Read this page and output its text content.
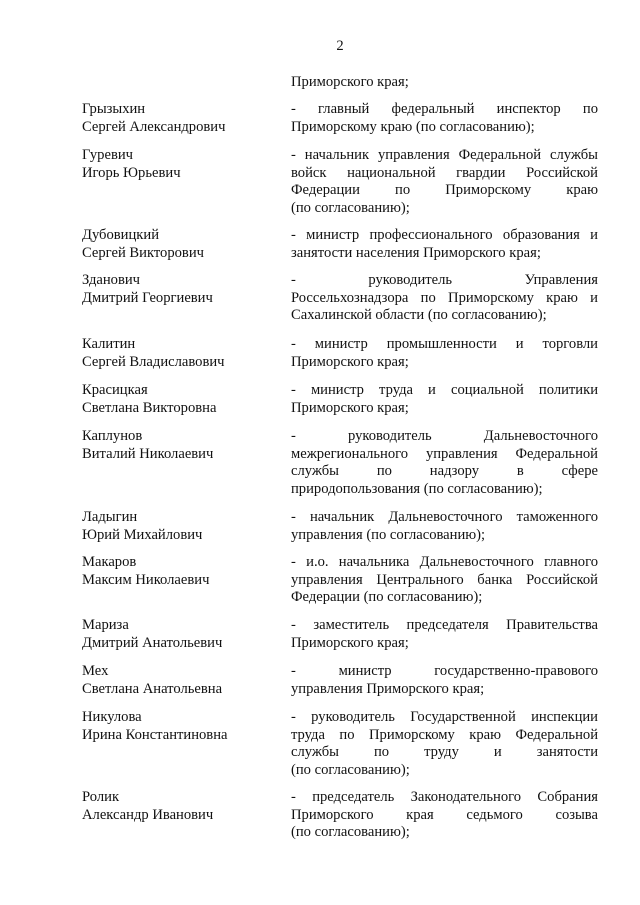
2
Приморского края;
Грызыхин
Сергей Александрович
- главный федеральный инспектор по
Приморскому краю (по согласованию);
Гуревич
Игорь Юрьевич
- начальник управления Федеральной службы
войск национальной гвардии Российской
Федерации по Приморскому краю
(по согласованию);
Дубовицкий
Сергей Викторович
- министр профессионального образования и
занятости населения Приморского края;
Зданович
Дмитрий Георгиевич
- руководитель Управления
Россельхознадзора по Приморскому краю и
Сахалинской области (по согласованию);
Калитин
Сергей Владиславович
- министр промышленности и торговли
Приморского края;
Красицкая
Светлана Викторовна
- министр труда и социальной политики
Приморского края;
Каплунов
Виталий Николаевич
- руководитель Дальневосточного
межрегионального управления Федеральной
службы по надзору в сфере
природопользования (по согласованию);
Ладыгин
Юрий Михайлович
- начальник Дальневосточного таможенного
управления (по согласованию);
Макаров
Максим Николаевич
- и.о. начальника Дальневосточного главного
управления Центрального банка Российской
Федерации (по согласованию);
Мариза
Дмитрий Анатольевич
- заместитель председателя Правительства
Приморского края;
Мех
Светлана Анатольевна
- министр государственно-правового
управления Приморского края;
Никулова
Ирина Константиновна
- руководитель Государственной инспекции
труда по Приморскому краю Федеральной
службы по труду и занятости
(по согласованию);
Ролик
Александр Иванович
- председатель Законодательного Собрания
Приморского края седьмого созыва
(по согласованию);
